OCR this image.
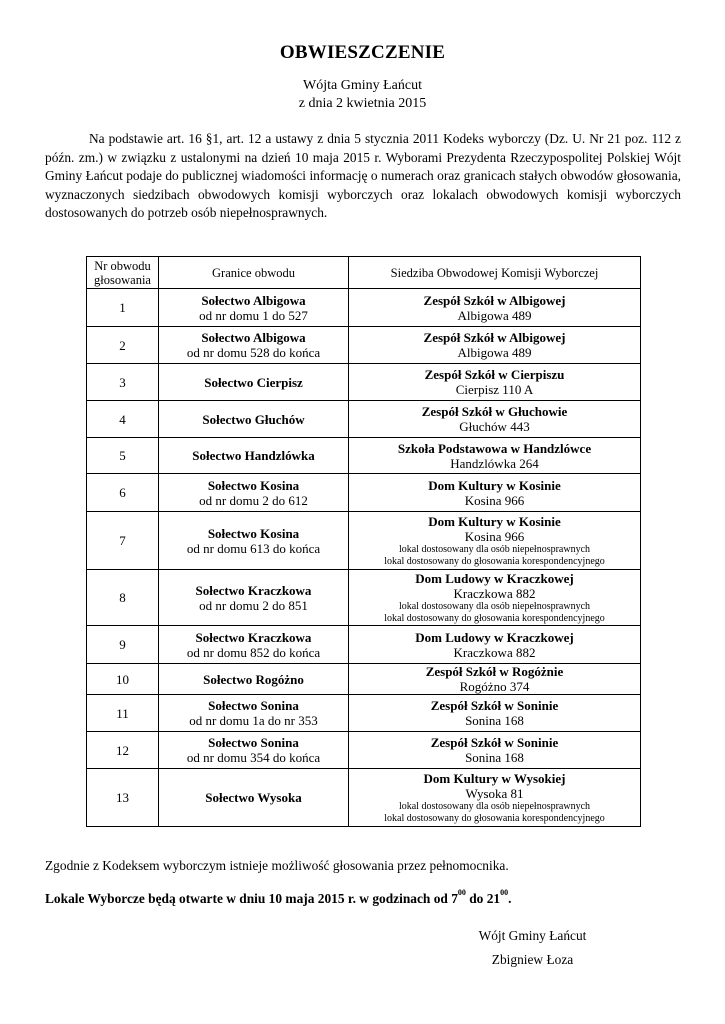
OBWIESZCZENIE
Wójta Gminy Łańcut
z dnia 2 kwietnia 2015

Na podstawie art. 16 §1, art. 12 a ustawy z dnia 5 stycznia 2011 Kodeks wyborczy (Dz. U. Nr 21 poz. 112 z późn. zm.) w związku z ustalonymi na dzień 10 maja 2015 r. Wyborami Prezydenta Rzeczypospolitej Polskiej Wójt Gminy Łańcut podaje do publicznej wiadomości informację o numerach oraz granicach stałych obwodów głosowania, wyznaczonych siedzibach obwodowych komisji wyborczych oraz lokalach obwodowych komisji wyborczych dostosowanych do potrzeb osób niepełnosprawnych.

Nr obwodu głosowania	Granice obwodu	Siedziba Obwodowej Komisji Wyborczej
1	Sołectwo Albigowa
od nr domu 1 do 527	Zespół Szkół w Albigowej
Albigowa 489

2	Sołectwo Albigowa
od nr domu 528 do końca	Zespół Szkół w Albigowej
Albigowa 489

3	Sołectwo Cierpisz	Zespół Szkół w Cierpiszu
Cierpisz 110 A

4	Sołectwo Głuchów	Zespół Szkół w Głuchowie
Głuchów 443

5	Sołectwo Handzlówka	Szkoła Podstawowa w Handzlówce
Handzlówka 264

6	Sołectwo Kosina
od nr domu 2 do 612	Dom Kultury w Kosinie
Kosina 966

7	Sołectwo Kosina
od nr domu 613 do końca	Dom Kultury w Kosinie
Kosina 966
lokal dostosowany dla osób niepełnosprawnych
lokal dostosowany do głosowania korespondencyjnego

8	Sołectwo Kraczkowa
od nr domu 2 do 851	Dom Ludowy w Kraczkowej
Kraczkowa 882
lokal dostosowany dla osób niepełnosprawnych
lokal dostosowany do głosowania korespondencyjnego

9	Sołectwo Kraczkowa
od nr domu 852 do końca	Dom Ludowy w Kraczkowej
Kraczkowa 882

10	Sołectwo Rogóżno	Zespół Szkół w Rogóżnie
Rogóżno 374

11	Sołectwo Sonina
od nr domu 1a do nr 353	Zespół Szkół w Soninie
Sonina 168

12	Sołectwo Sonina
od nr domu 354 do końca	Zespół Szkół w Soninie
Sonina 168

13	Sołectwo Wysoka	Dom Kultury w Wysokiej
Wysoka 81
lokal dostosowany dla osób niepełnosprawnych
lokal dostosowany do głosowania korespondencyjnego
Zgodnie z Kodeksem wyborczym istnieje możliwość głosowania przez pełnomocnika.
Lokale Wyborcze będą otwarte w dniu 10 maja 2015 r. w godzinach od $7^{00}$ do $21^{00}$.
Wójt Gminy Łańcut
Zbigniew Łoza
